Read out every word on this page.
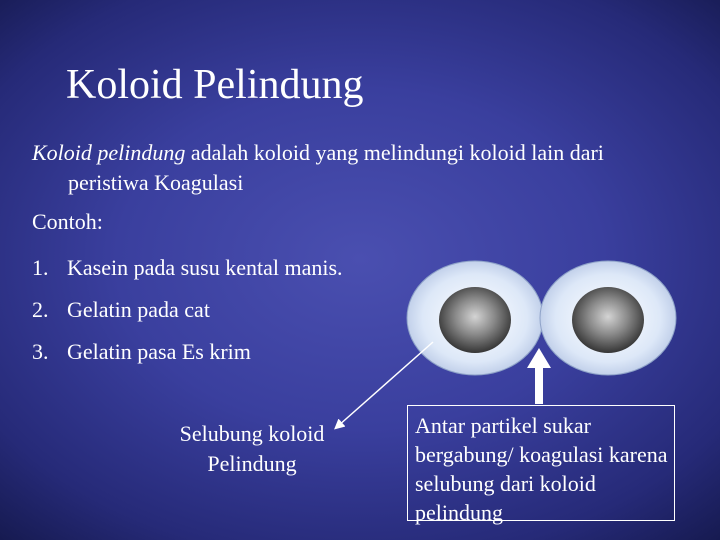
Koloid Pelindung
Koloid pelindung adalah koloid yang melindungi koloid lain dari peristiwa Koagulasi
Contoh:
1. Kasein pada susu kental manis.
2. Gelatin pada cat
3. Gelatin pasa Es krim
Selubung koloid Pelindung
Antar partikel sukar bergabung/ koagulasi karena selubung dari koloid pelindung
